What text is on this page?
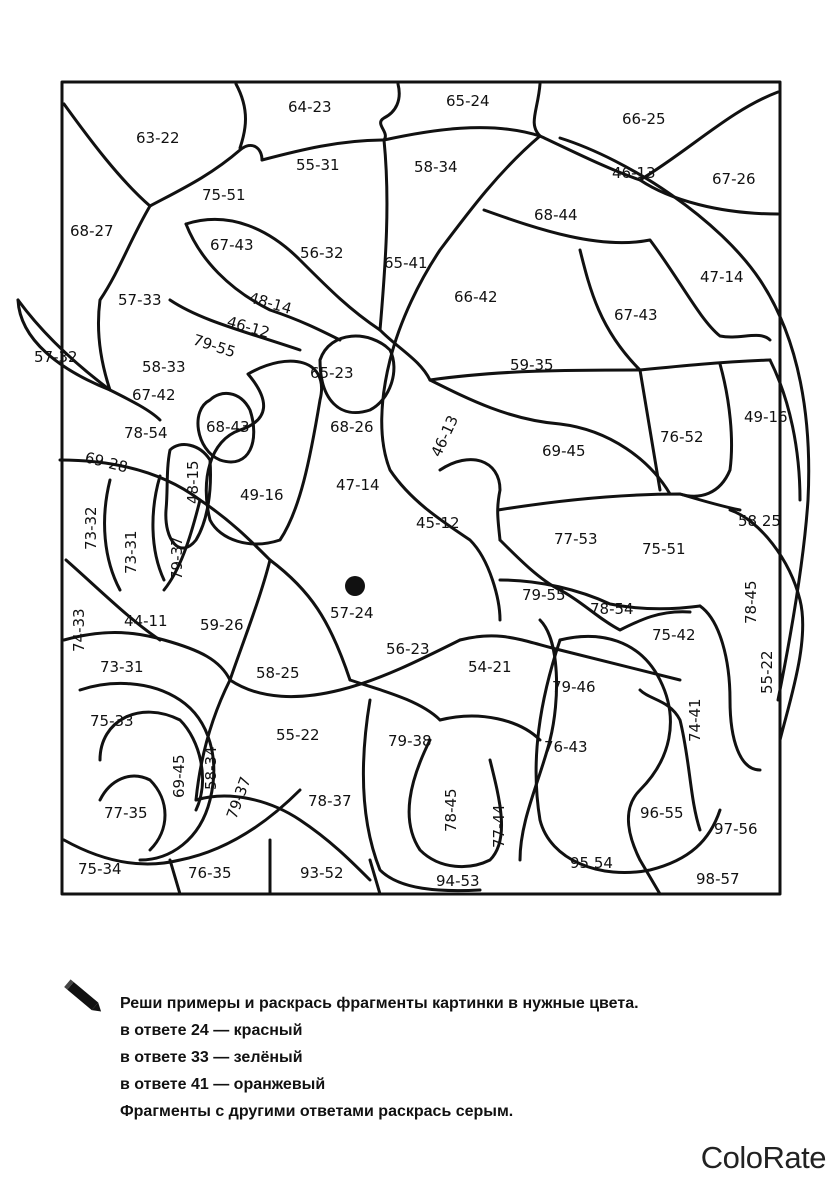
63-22
64-23	65-24
66-25
55-31	58-34	46-13	67-26
75-51
68-27
67-43	56-32
65-41
68-44
47-14
57-33	48-14	66-42
67-43
46-12
57-32
58-33
79-55
65-23	59-35
67-42
49-16
68-43	68-26	46-13	76-52
78-54
69-28	48-15
69-45
49-16
47-14
73-32
73-31 79-37
45-12
77-53
58 25
75-51
79-55
78-54	78-45
57-24
74-33 44-11 59-26
75-42
56-23
73-31	58-25	54-21
79-46	55-22
74-41
75-33
55-22	79-38	76-43
69-45 58-34
79-37	78-37	78-45 77-44
77-35	96-55
97-56
75-34	76-35	93-52	94-53
95 54
98-57
Реши примеры и раскрась фрагменты картинки в нужные цвета.
в ответе 24 — красный
в ответе 33 — зелёный
в ответе 41 — оранжевый
Фрагменты с другими ответами раскрась серым.
ColoRate
